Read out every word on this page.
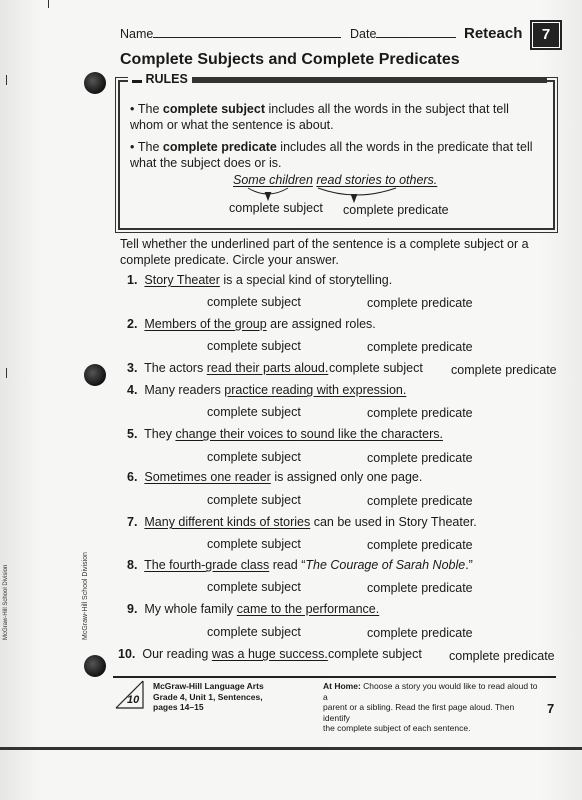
McGraw-Hill School Division	McGraw-Hill School Division
Name	Date	Reteach	7
Complete Subjects and Complete Predicates
▬ RULES
• The complete subject includes all the words in the subject that tell whom or what the sentence is about.
• The complete predicate includes all the words in the predicate that tell what the subject does or is.
Some children read stories to others.
complete subject complete predicate
Tell whether the underlined part of the sentence is a complete subject or a complete predicate. Circle your answer.
1. Story Theater is a special kind of storytelling.
complete subject	complete predicate
2. Members of the group are assigned roles.
complete subject	complete predicate
3. The actors read their parts aloud. complete subject complete predicate
4. Many readers practice reading with expression.
complete subject	complete predicate
5. They change their voices to sound like the characters.
complete subject	complete predicate
6. Sometimes one reader is assigned only one page.
complete subject	complete predicate
7. Many different kinds of stories can be used in Story Theater.
complete subject	complete predicate
8. The fourth-grade class read “The Courage of Sarah Noble.”
complete subject	complete predicate
9. My whole family came to the performance.
complete subject	complete predicate
10. Our reading was a huge success. complete subject complete predicate
10
McGraw-Hill Language Arts
Grade 4, Unit 1, Sentences,
pages 14–15
At Home: Choose a story you would like to read aloud to a
parent or a sibling. Read the first page aloud. Then identify
the complete subject of each sentence.
7
